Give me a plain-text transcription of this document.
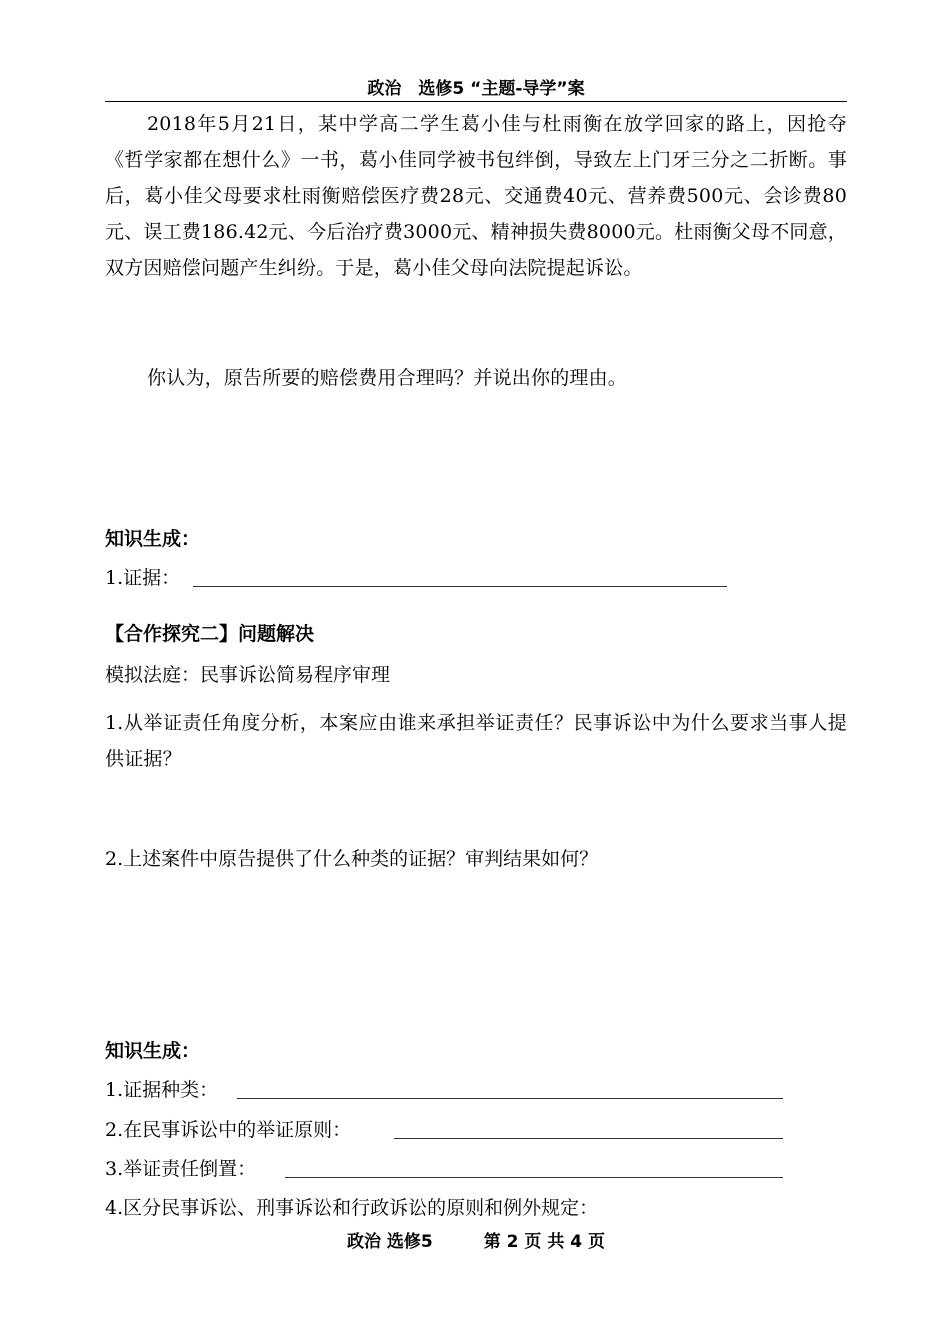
政治　选修5 “主题-导学”案

2018年5月21日，某中学高二学生葛小佳与杜雨衡在放学回家的路上，因抢夺《哲学家都在想什么》一书，葛小佳同学被书包绊倒，导致左上门牙三分之二折断。事后，葛小佳父母要求杜雨衡赔偿医疗费28元、交通费40元、营养费500元、会诊费80元、误工费186.42元、今后治疗费3000元、精神损失费8000元。杜雨衡父母不同意，双方因赔偿问题产生纠纷。于是，葛小佳父母向法院提起诉讼。

你认为，原告所要的赔偿费用合理吗？并说出你的理由。

知识生成：
1.证据：
【合作探究二】问题解决
模拟法庭：民事诉讼简易程序审理

1.从举证责任角度分析，本案应由谁来承担举证责任？民事诉讼中为什么要求当事人提供证据？

2.上述案件中原告提供了什么种类的证据？审判结果如何？
知识生成：
1.证据种类：
2.在民事诉讼中的举证原则：
3.举证责任倒置：
4.区分民事诉讼、刑事诉讼和行政诉讼的原则和例外规定：
政治 选修5　　　第 2 页 共 4 页
